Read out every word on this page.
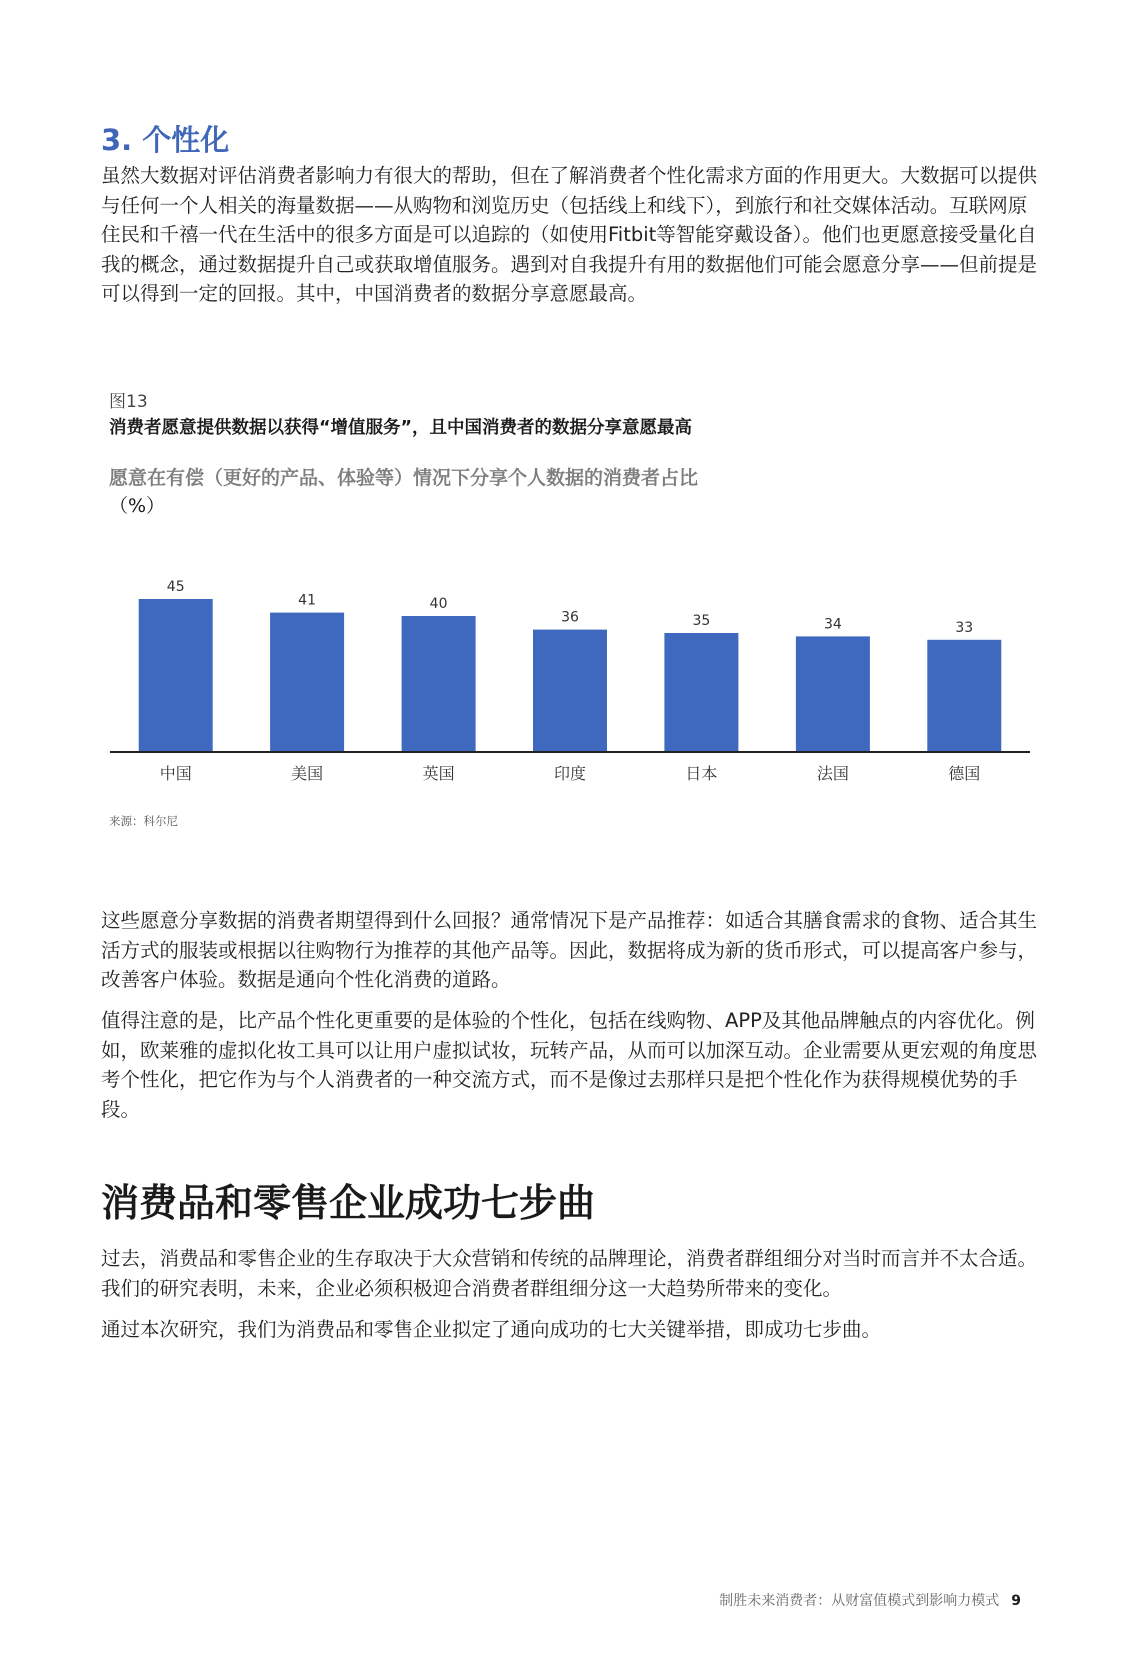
3. 个性化

虽然大数据对评估消费者影响力有很大的帮助，但在了解消费者个性化需求方面的作用更大。大数据可以提供与任何一个人相关的海量数据——从购物和浏览历史（包括线上和线下），到旅行和社交媒体活动。互联网原住民和千禧一代在生活中的很多方面是可以追踪的（如使用Fitbit等智能穿戴设备）。他们也更愿意接受量化自我的概念，通过数据提升自己或获取增值服务。遇到对自我提升有用的数据他们可能会愿意分享——但前提是可以得到一定的回报。其中，中国消费者的数据分享意愿最高。

图13
消费者愿意提供数据以获得“增值服务”，且中国消费者的数据分享意愿最高
愿意在有偿（更好的产品、体验等）情况下分享个人数据的消费者占比
（%）
45
中国
41
美国
40
英国
36
印度
35
日本
34
法国
33
德国
来源：科尔尼

这些愿意分享数据的消费者期望得到什么回报？通常情况下是产品推荐：如适合其膳食需求的食物、适合其生活方式的服装或根据以往购物行为推荐的其他产品等。因此，数据将成为新的货币形式，可以提高客户参与，改善客户体验。数据是通向个性化消费的道路。

值得注意的是，比产品个性化更重要的是体验的个性化，包括在线购物、APP及其他品牌触点的内容优化。例如，欧莱雅的虚拟化妆工具可以让用户虚拟试妆，玩转产品，从而可以加深互动。企业需要从更宏观的角度思考个性化，把它作为与个人消费者的一种交流方式，而不是像过去那样只是把个性化作为获得规模优势的手段。

消费品和零售企业成功七步曲

过去，消费品和零售企业的生存取决于大众营销和传统的品牌理论，消费者群组细分对当时而言并不太合适。 我们的研究表明，未来，企业必须积极迎合消费者群组细分这一大趋势所带来的变化。

通过本次研究，我们为消费品和零售企业拟定了通向成功的七大关键举措，即成功七步曲。

制胜未来消费者：从财富值模式到影响力模式 9
